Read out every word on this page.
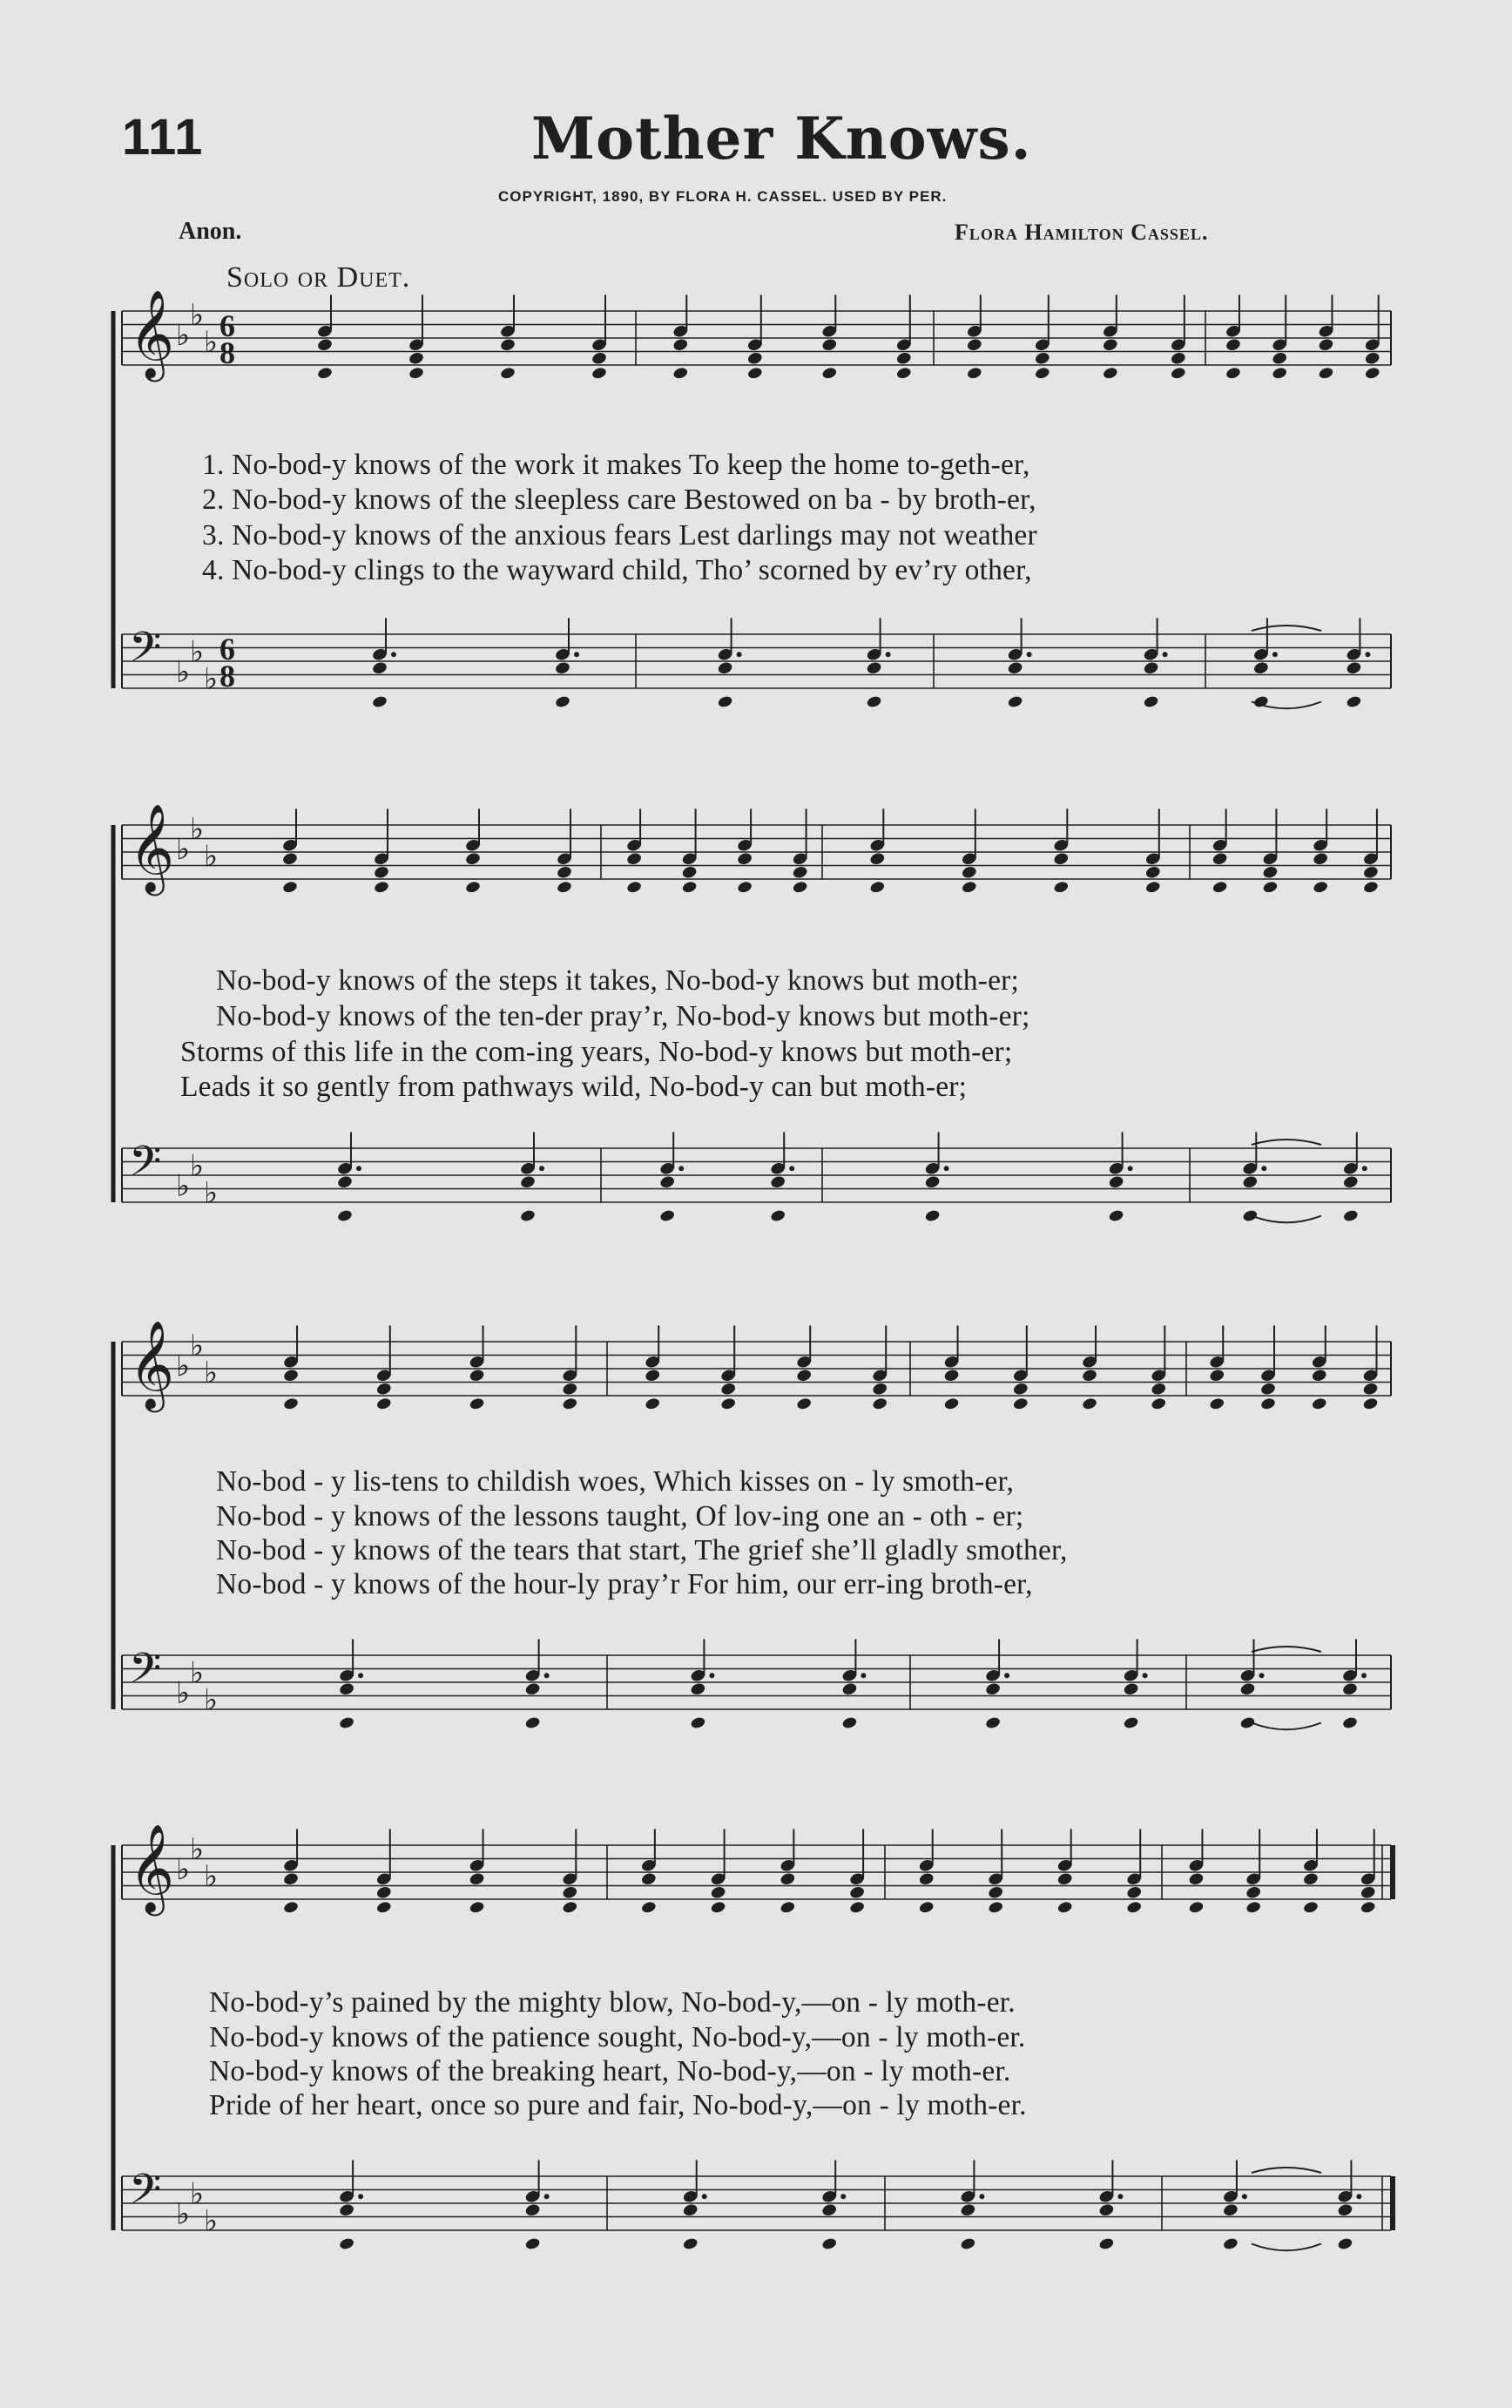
𝄞 ♭
♭
♭ 6
8
𝄢 ♭
♭
♭
6
8
𝄞 ♭
♭
♭
𝄢 ♭
♭
♭
𝄞 ♭
♭
♭
𝄢 ♭
♭
♭
𝄞 ♭
♭
♭
𝄢 ♭
♭
♭
111	Mother Knows.
COPYRIGHT, 1890, BY FLORA H. CASSEL. USED BY PER.
Anon.	Flora Hamilton Cassel.
Solo or Duet.
1. No-bod-y knows of the work it makes To keep the home to-geth-er,
2. No-bod-y knows of the sleepless care Bestowed on ba - by broth-er,
3. No-bod-y knows of the anxious fears Lest darlings may not weather
4. No-bod-y clings to the wayward child, Tho’ scorned by ev’ry other,
No-bod-y knows of the steps it takes, No-bod-y knows but moth-er;
No-bod-y knows of the ten-der pray’r, No-bod-y knows but moth-er;
Storms of this life in the com-ing years, No-bod-y knows but moth-er;
Leads it so gently from pathways wild, No-bod-y can but moth-er;
No-bod - y lis-tens to childish woes, Which kisses on - ly smoth-er,
No-bod - y knows of the lessons taught, Of lov-ing one an - oth - er;
No-bod - y knows of the tears that start, The grief she’ll gladly smother,
No-bod - y knows of the hour-ly pray’r For him, our err-ing broth-er,
No-bod-y’s pained by the mighty blow, No-bod-y,—on - ly moth-er.
No-bod-y knows of the patience sought, No-bod-y,—on - ly moth-er.
No-bod-y knows of the breaking heart, No-bod-y,—on - ly moth-er.
Pride of her heart, once so pure and fair, No-bod-y,—on - ly moth-er.
